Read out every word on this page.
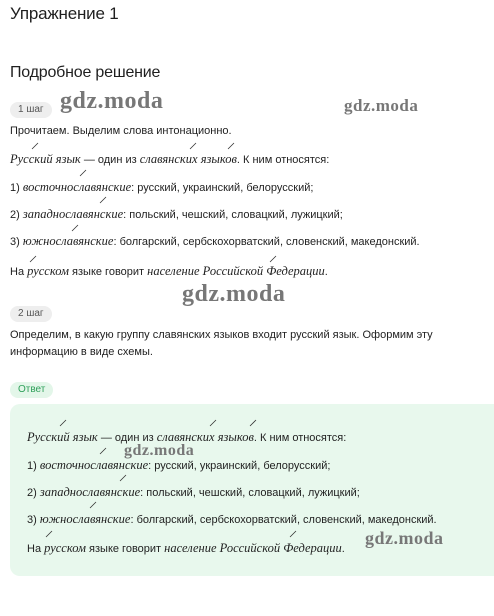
Упражнение 1
Подробное решение
1 шаг gdz.moda	gdz.moda
Прочитаем. Выделим слова интонационно.
Русский язык — один из славянских языков. К ним относятся:
1) восточнославянские: русский, украинский, белорусский;
2) западнославянские: польский, чешский, словацкий, лужицкий;
3) южнославянские: болгарский, сербскохорватский, словенский, македонский.
На русском языке говорит население Российской Федерации.
gdz.moda
2 шаг
Определим, в какую группу славянских языков входит русский язык. Оформим эту
информацию в виде схемы.
Ответ
Русский язык — один из славянских языков. К ним относятся:
gdz.moda
1) восточнославянские: русский, украинский, белорусский;
2) западнославянские: польский, чешский, словацкий, лужицкий;
3) южнославянские: болгарский, сербскохорватский, словенский, македонский.
На русском языке говорит население Российской Федерации.
gdz.moda
